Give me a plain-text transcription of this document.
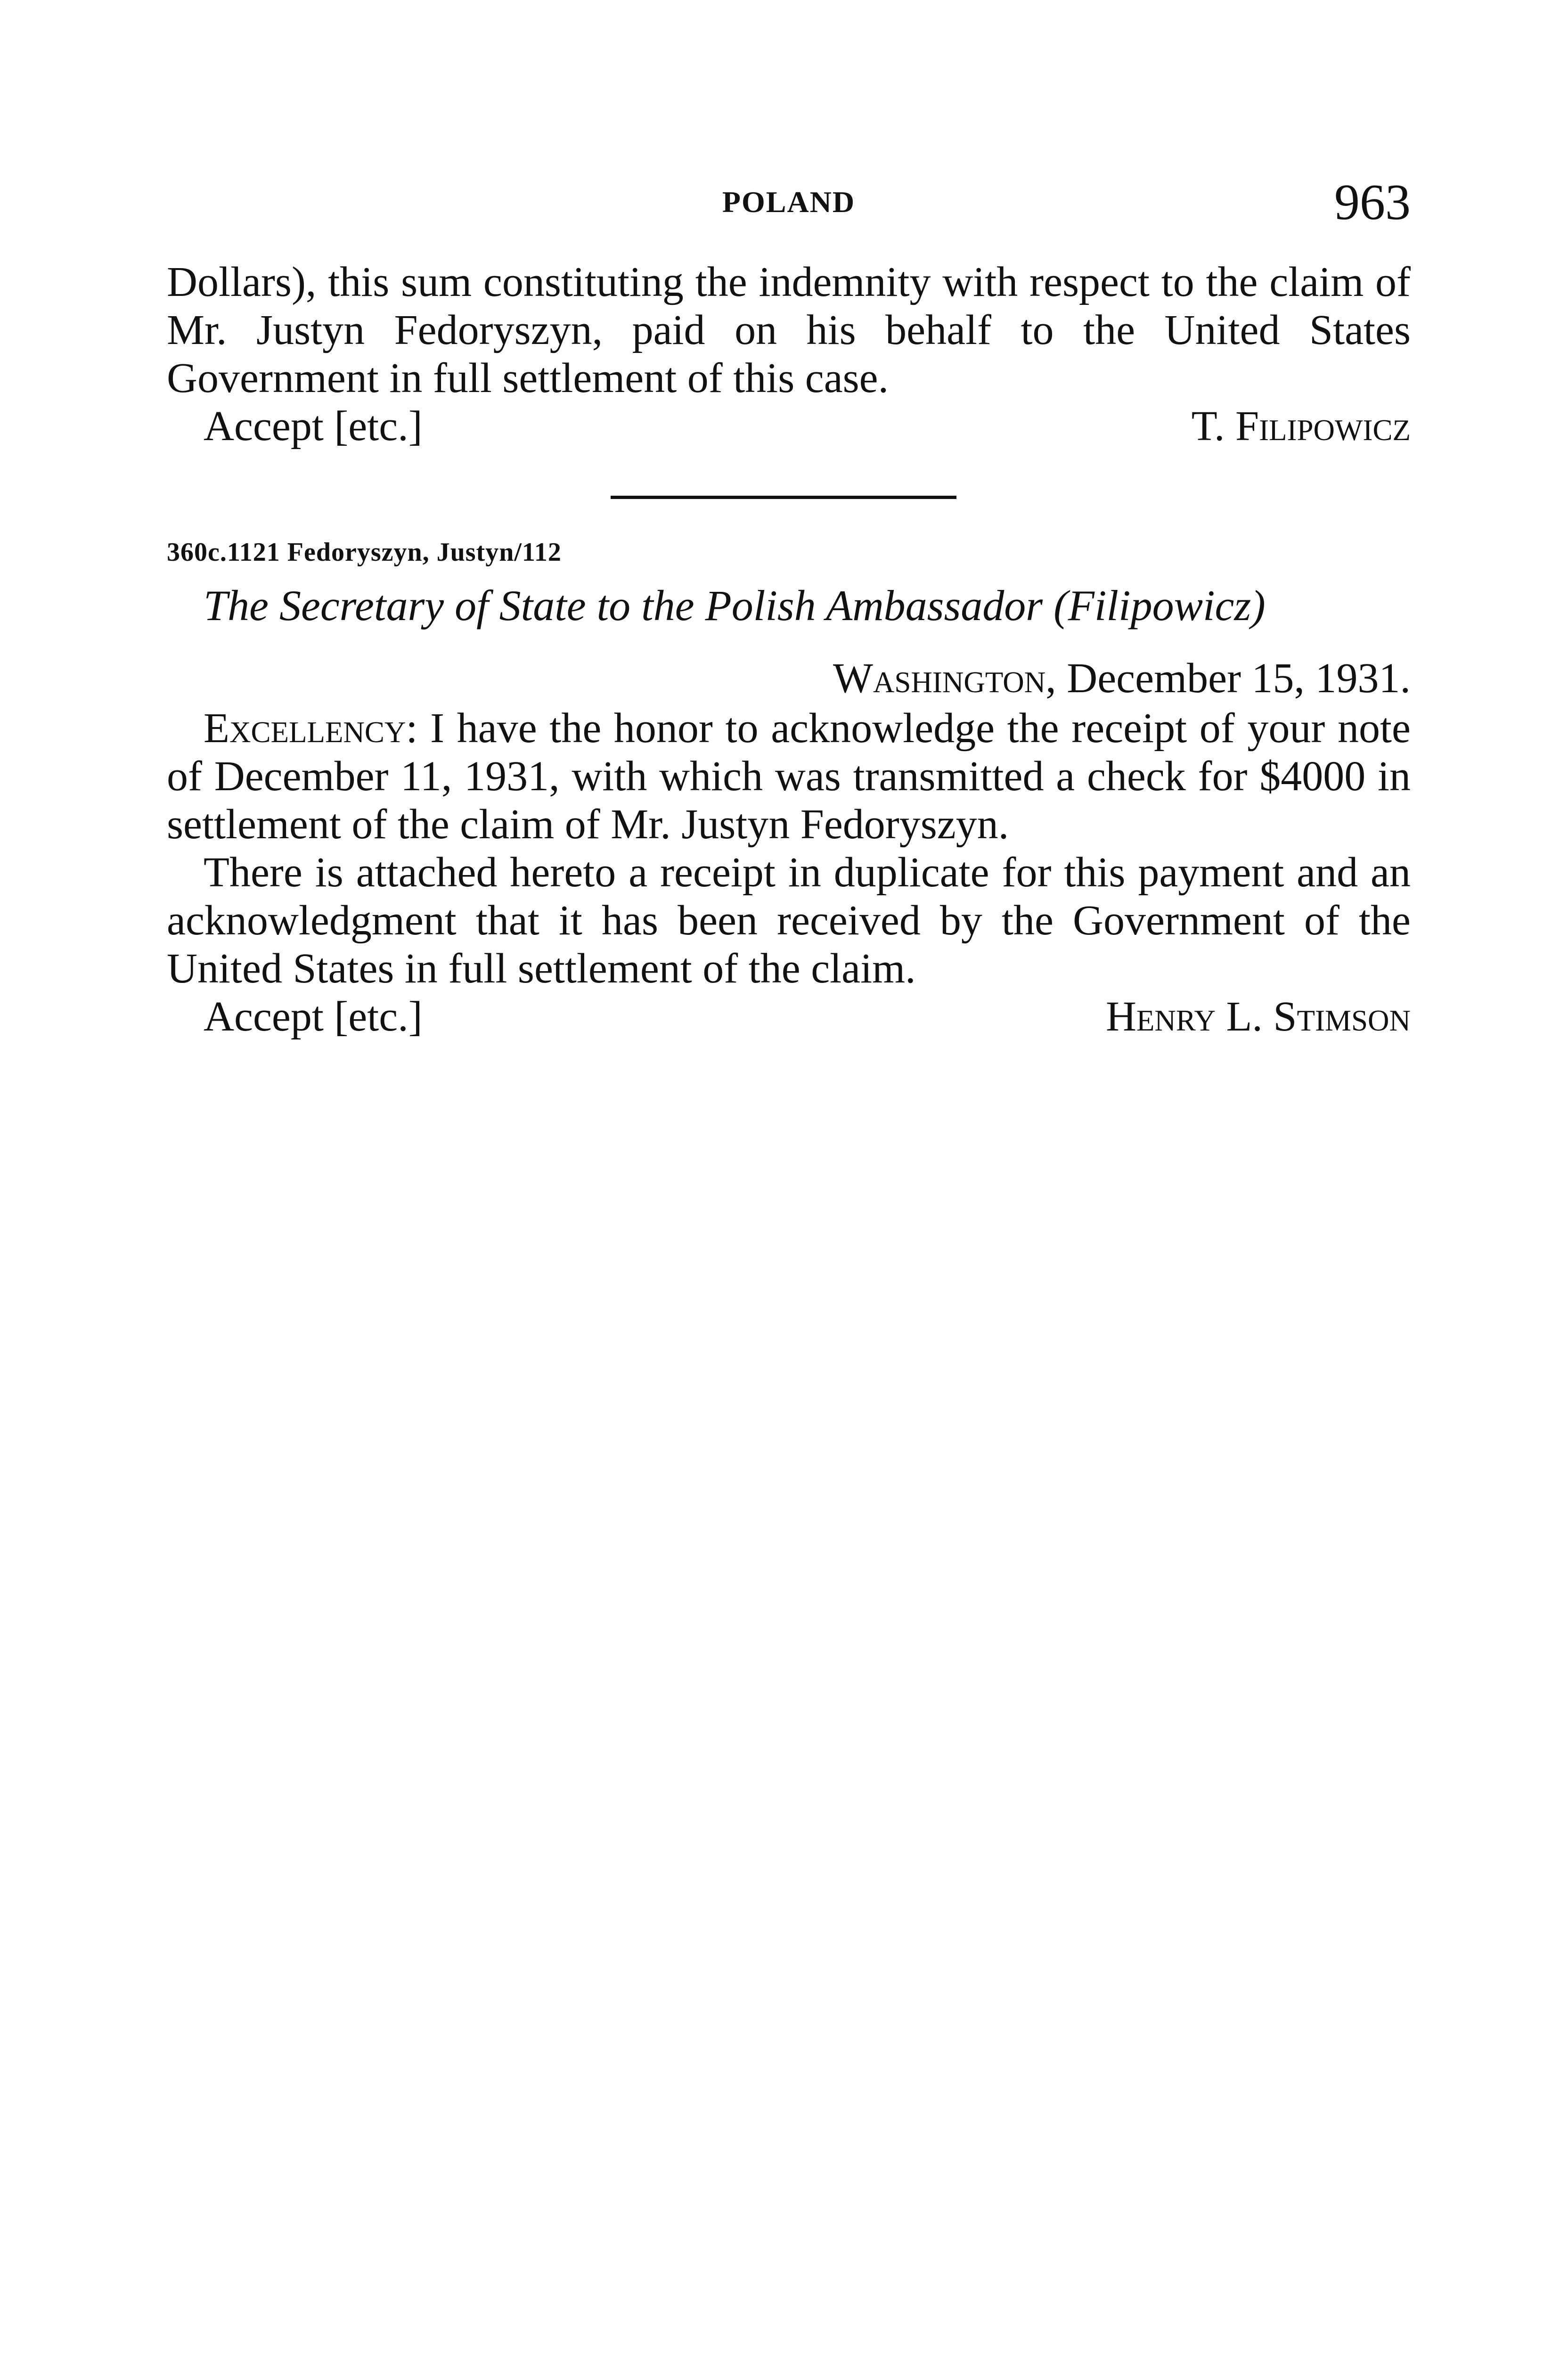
POLAND	963

Dollars), this sum constituting the indemnity with respect to the claim of Mr. Justyn Fedoryszyn, paid on his behalf to the United States Government in full settlement of this case.

Accept [etc.]	T. Filipowicz
360c.1121 Fedoryszyn, Justyn/112
The Secretary of State to the Polish Ambassador (Filipowicz)
Washington, December 15, 1931.

Excellency: I have the honor to acknowledge the receipt of your note of December 11, 1931, with which was transmitted a check for $4000 in settlement of the claim of Mr. Justyn Fedoryszyn.

There is attached hereto a receipt in duplicate for this payment and an acknowledgment that it has been received by the Government of the United States in full settlement of the claim.

Accept [etc.]	Henry L. Stimson
